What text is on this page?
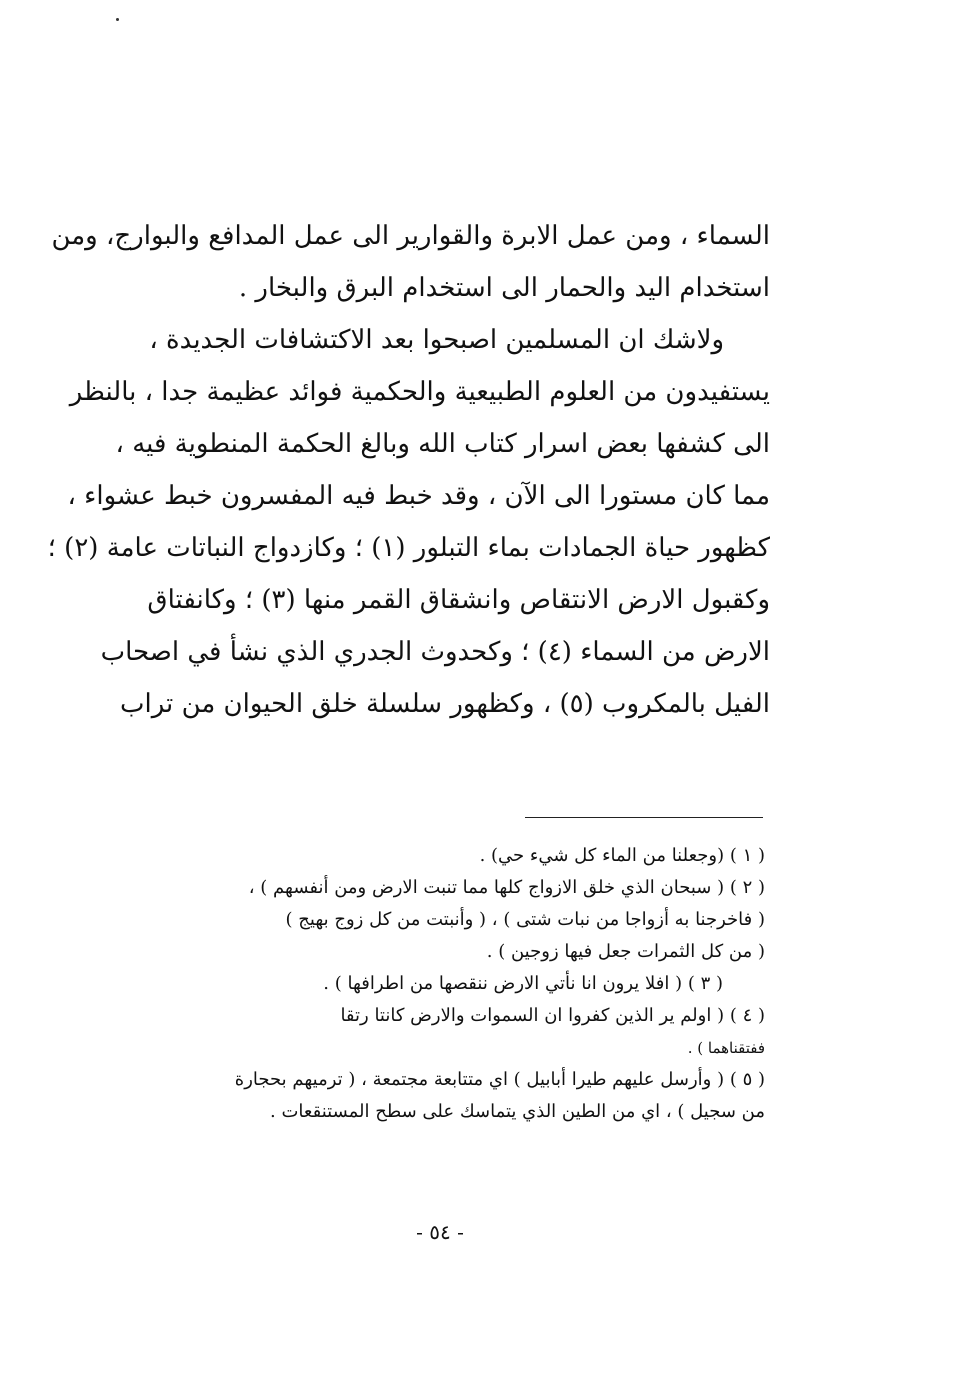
السماء ، ومن عمل الابرة والقوارير الى عمل المدافع والبوارج، ومن
استخدام اليد والحمار الى استخدام البرق والبخار .
ولاشك ان المسلمين اصبحوا بعد الاكتشافات الجديدة ،
يستفيدون من العلوم الطبيعية والحكمية فوائد عظيمة جدا ، بالنظر
الى كشفها بعض اسرار كتاب الله وبالغ الحكمة المنطوية فيه ،
مما كان مستورا الى الآن ، وقد خبط فيه المفسرون خبط عشواء ،
كظهور حياة الجمادات بماء التبلور (١) ؛ وكازدواج النباتات عامة (٢) ؛
وكقبول الارض الانتقاص وانشقاق القمر منها (٣) ؛ وكانفتاق
الارض من السماء (٤) ؛ وكحدوث الجدري الذي نشأ في اصحاب
الفيل بالمكروب (٥) ، وكظهور سلسلة خلق الحيوان من تراب
( ١ ) (وجعلنا من الماء كل شيء حي) .
( ٢ ) ( سبحان الذي خلق الازواج كلها مما تنبت الارض ومن أنفسهم ) ،
( فاخرجنا به أزواجا من نبات شتى ) ، ( وأنبتت من كل زوج بهيج )
( من كل الثمرات جعل فيها زوجين ) .
( ٣ ) ( افلا يرون انا نأتي الارض ننقصها من اطرافها ) .
( ٤ ) ( اولم ير الذين كفروا ان السموات والارض كانتا رتقا
ففتقناهما ) .
( ٥ ) ( وأرسل عليهم طيرا أبابيل ) اي متتابعة مجتمعة ، ( ترميهم بحجارة
من سجيل ) ، اي من الطين الذي يتماسك على سطح المستنقعات .
- ٥٤ -
